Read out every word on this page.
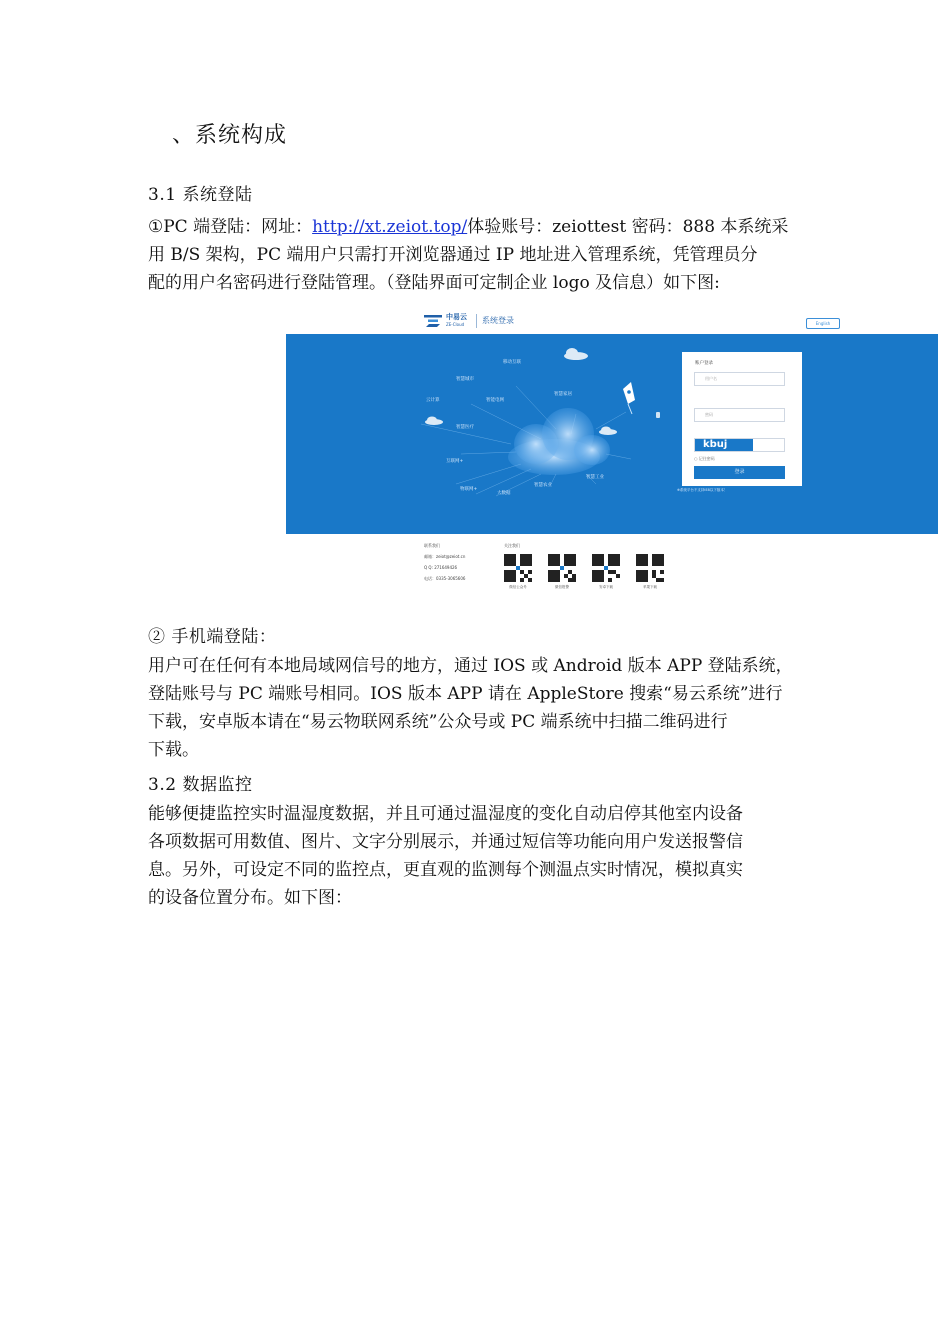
、系统构成
3.1 系统登陆
①PC 端登陆：网址：http://xt.zeiot.top/体验账号：zeiottest 密码：888 本系统采
用 B/S 架构，PC 端用户只需打开浏览器通过 IP 地址进入管理系统，凭管理员分
配的用户名密码进行登陆管理。（登陆界面可定制企业 logo 及信息）如下图:
中易云
ZE-Cloud 系统登录	English
移动互联
智慧城市
云计算	智能电网
智慧家居
智慧医疗
互联网+
物联网+
大数据
智慧农业
智慧工业
账户登录
用户名
密码
kbuj
○ 记住密码
登录
※系统平台不支持IE8以下版本！
联系我们
邮箱：zeiot@zeiot.cn
Q Q: 271649426
电话：0335-3065606
关注我们
微信公众号	微信报警	安卓下载	苹果下载
② 手机端登陆：
用户可在任何有本地局域网信号的地方，通过 IOS 或 Android 版本 APP 登陆系统，
登陆账号与 PC 端账号相同。IOS 版本 APP 请在 AppleStore 搜索“易云系统”进行
下载，安卓版本请在“易云物联网系统”公众号或 PC 端系统中扫描二维码进行
下载。
3.2 数据监控
能够便捷监控实时温湿度数据，并且可通过温湿度的变化自动启停其他室内设备
各项数据可用数值、图片、文字分别展示，并通过短信等功能向用户发送报警信
息。另外，可设定不同的监控点，更直观的监测每个测温点实时情况，模拟真实
的设备位置分布。如下图：
